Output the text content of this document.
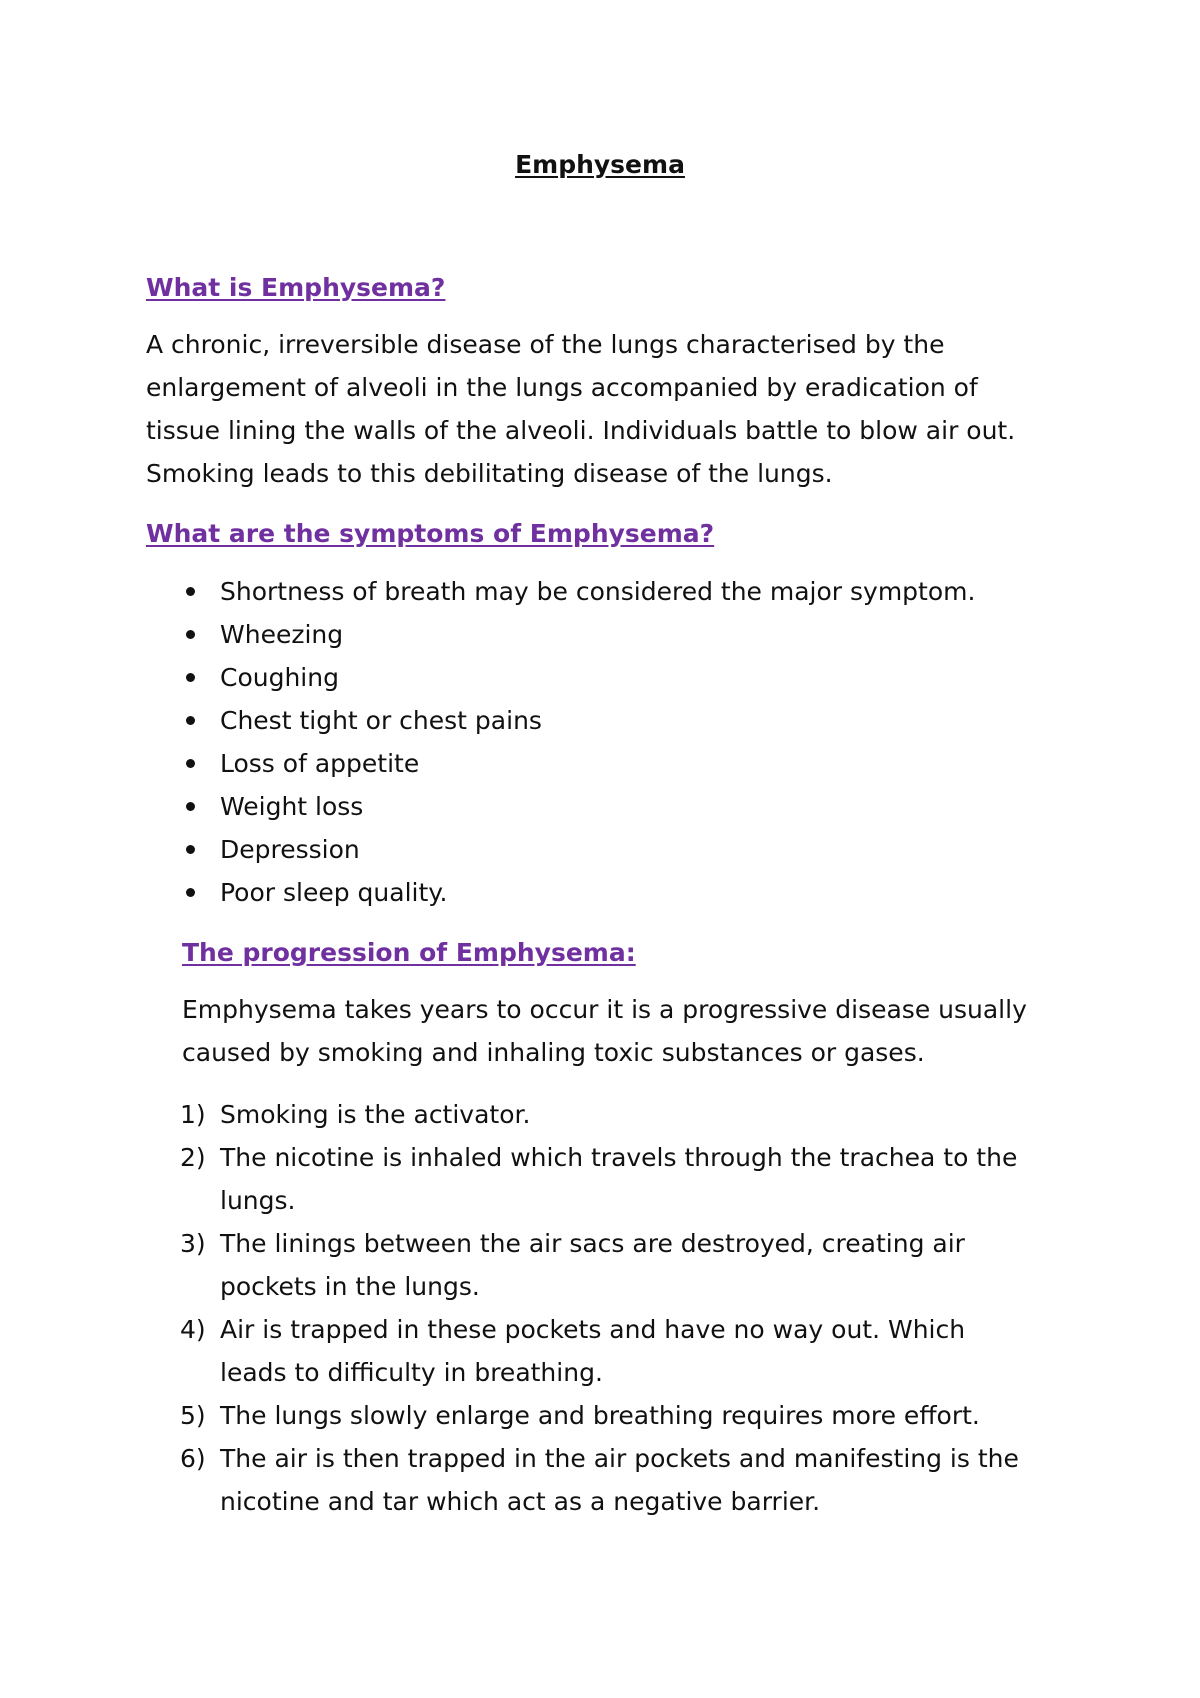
Emphysema
What is Emphysema?
A chronic, irreversible disease of the lungs characterised by the
enlargement of alveoli in the lungs accompanied by eradication of
tissue lining the walls of the alveoli. Individuals battle to blow air out.
Smoking leads to this debilitating disease of the lungs.
What are the symptoms of Emphysema?
Shortness of breath may be considered the major symptom.
Wheezing
Coughing
Chest tight or chest pains
Loss of appetite
Weight loss
Depression
Poor sleep quality.
The progression of Emphysema:
Emphysema takes years to occur it is a progressive disease usually
caused by smoking and inhaling toxic substances or gases.
1) Smoking is the activator.
2) The nicotine is inhaled which travels through the trachea to the
lungs.
3) The linings between the air sacs are destroyed, creating air
pockets in the lungs.
4) Air is trapped in these pockets and have no way out. Which
leads to difficulty in breathing.
5) The lungs slowly enlarge and breathing requires more effort.
6) The air is then trapped in the air pockets and manifesting is the
nicotine and tar which act as a negative barrier.
